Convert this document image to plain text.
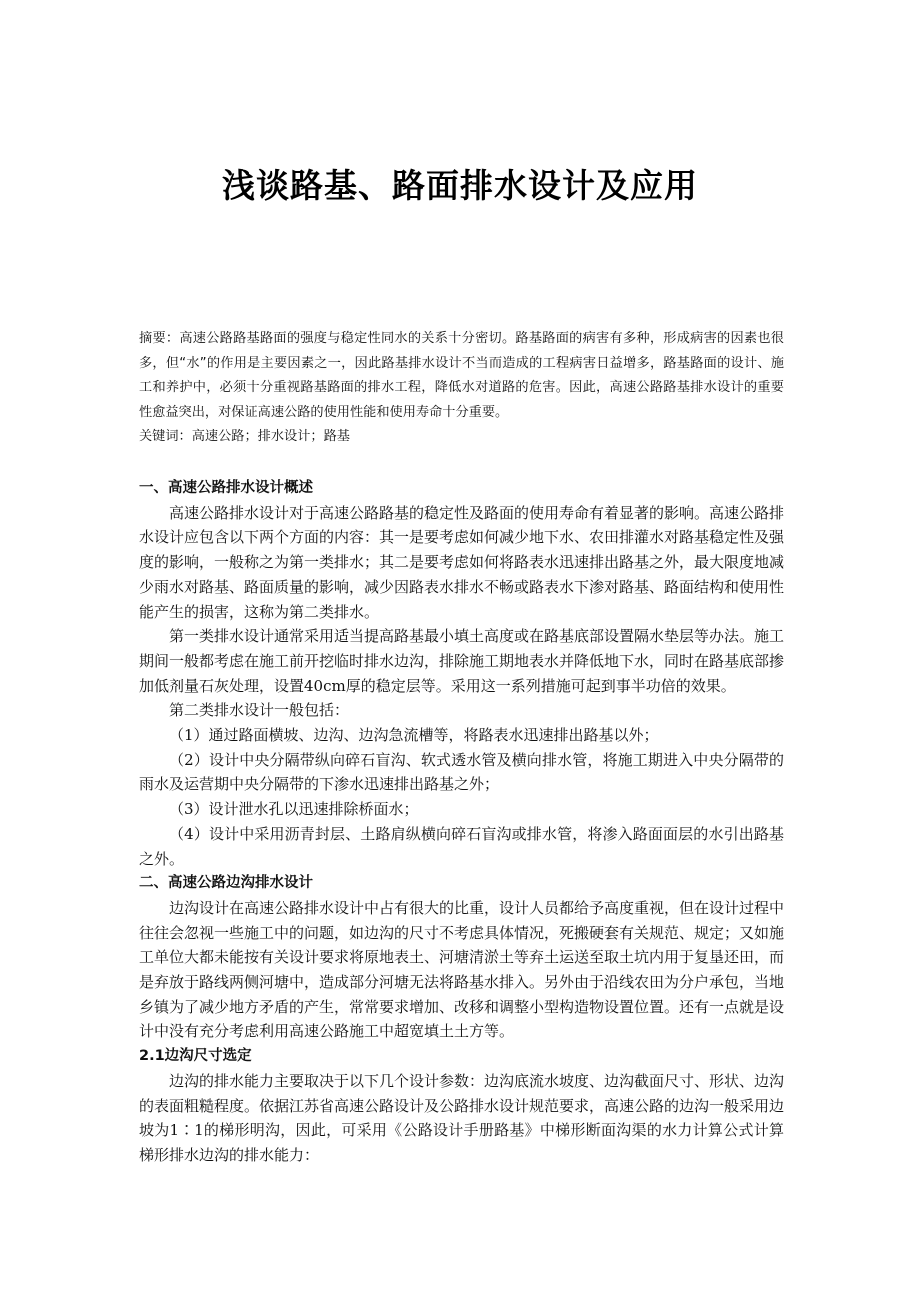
浅谈路基、路面排水设计及应用

摘要：高速公路路基路面的强度与稳定性同水的关系十分密切。路基路面的病害有多种，形成病害的因素也很多，但“水”的作用是主要因素之一，因此路基排水设计不当而造成的工程病害日益增多，路基路面的设计、施工和养护中，必须十分重视路基路面的排水工程，降低水对道路的危害。因此，高速公路路基排水设计的重要性愈益突出，对保证高速公路的使用性能和使用寿命十分重要。

关键词：高速公路；排水设计；路基

一、高速公路排水设计概述

高速公路排水设计对于高速公路路基的稳定性及路面的使用寿命有着显著的影响。高速公路排水设计应包含以下两个方面的内容：其一是要考虑如何减少地下水、农田排灌水对路基稳定性及强度的影响，一般称之为第一类排水；其二是要考虑如何将路表水迅速排出路基之外，最大限度地减少雨水对路基、路面质量的影响，减少因路表水排水不畅或路表水下渗对路基、路面结构和使用性能产生的损害，这称为第二类排水。

第一类排水设计通常采用适当提高路基最小填土高度或在路基底部设置隔水垫层等办法。施工期间一般都考虑在施工前开挖临时排水边沟，排除施工期地表水并降低地下水，同时在路基底部掺加低剂量石灰处理，设置40cm厚的稳定层等。采用这一系列措施可起到事半功倍的效果。

第二类排水设计一般包括：

（1）通过路面横坡、边沟、边沟急流槽等，将路表水迅速排出路基以外；

（2）设计中央分隔带纵向碎石盲沟、软式透水管及横向排水管，将施工期进入中央分隔带的雨水及运营期中央分隔带的下渗水迅速排出路基之外；

（3）设计泄水孔以迅速排除桥面水；

（4）设计中采用沥青封层、土路肩纵横向碎石盲沟或排水管，将渗入路面面层的水引出路基之外。

二、高速公路边沟排水设计

边沟设计在高速公路排水设计中占有很大的比重，设计人员都给予高度重视，但在设计过程中往往会忽视一些施工中的问题，如边沟的尺寸不考虑具体情况，死搬硬套有关规范、规定；又如施工单位大都未能按有关设计要求将原地表土、河塘清淤土等弃土运送至取土坑内用于复垦还田，而是弃放于路线两侧河塘中，造成部分河塘无法将路基水排入。另外由于沿线农田为分户承包，当地乡镇为了减少地方矛盾的产生，常常要求增加、改移和调整小型构造物设置位置。还有一点就是设计中没有充分考虑利用高速公路施工中超宽填土土方等。

2.1边沟尺寸选定

边沟的排水能力主要取决于以下几个设计参数：边沟底流水坡度、边沟截面尺寸、形状、边沟的表面粗糙程度。依据江苏省高速公路设计及公路排水设计规范要求，高速公路的边沟一般采用边坡为1∶1的梯形明沟，因此，可采用《公路设计手册路基》中梯形断面沟渠的水力计算公式计算梯形排水边沟的排水能力：
